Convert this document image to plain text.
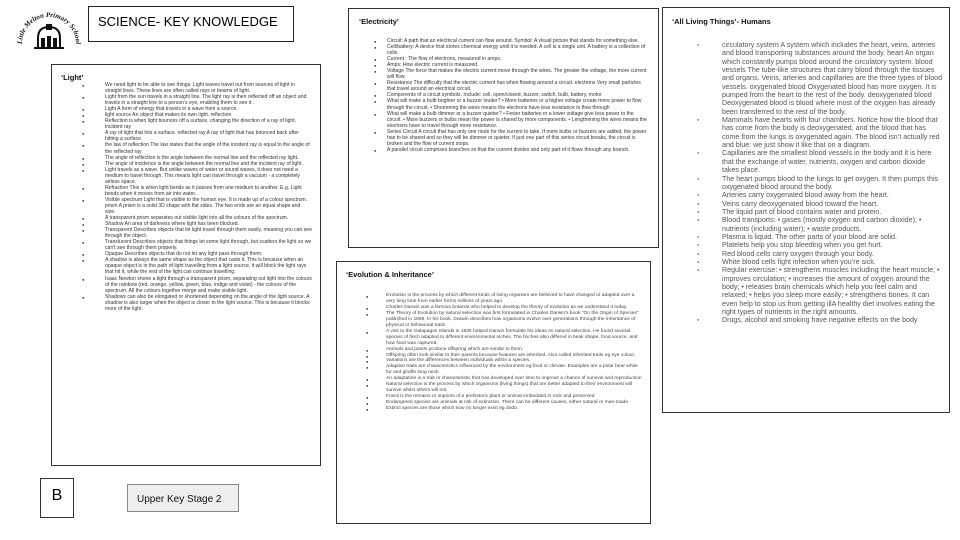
Little Melton Primary School
SCIENCE- KEY KNOWLEDGE
‘Light’
● We need light to be able to see things. Light waves travel out from sources of light in straight lines. These lines are often called rays or beams of light.
● Light from the sun travels in a straight line. The light ray is then reflected off an object and travels in a straight line to a person’s eye, enabling them to see it .
● Light A form of energy that travels in a wave from a source.
● light source An object that makes its own light. reflection
● Reflection is when light bounces off a surface, changing the direction of a ray of light. incident ray
● A ray of light that hits a surface. reflected ray A ray of light that has bounced back after hitting a surface.
● the law of reflection The law states that the angle of the incident ray is equal to the angle of the reflected ray
● The angle of reflection is the angle between the normal line and the reflected ray light.
● The angle of incidence is the angle between the normal line and the incident ray of light.
● Light travels as a wave. But unlike waves of water or sound waves, it does not need a medium to travel through. This means light can travel through a vacuum - a completely airless space.
● Refraction This is when light bends as it passes from one medium to another. E.g. Light bends when it moves from air into water.
● Visible spectrum Light that is visible to the human eye. It is made up of a colour spectrum. prism A prism is a solid 3D shape with flat sides. The two ends are an equal shape and size.
● A transparent prism separates out visible light into all the colours of the spectrum.
● Shadow An area of darkness where light has been blocked.
● Transparent Describes objects that let light travel through them easily, meaning you can see through the object.
● Translucent Describes objects that things let some light through, but scatters the light so we can't see through them properly.
● Opaque Describes objects that do not let any light pass through them.
● A shadow is always the same shape as the object that casts it. This is because when an opaque object is in the path of light travelling from a light source, it will block the light rays that hit it, while the rest of the light can continue travelling.
● Isaac Newton shone a light through a transparent prism, separating out light into the colours of the rainbow (red, orange, yellow, green, blue, indigo and violet) - the colours of the spectrum. All the colours together merge and make visible light.
● Shadows can also be elongated or shortened depending on the angle of the light source. A shadow is also larger when the object is closer to the light source. This is because it blocks more of the light.
B	Upper Key Stage 2
‘Electricity’
● Circuit: A path that an electrical current can flow around. Symbol: A visual picture that stands for something else.
● Cell/battery: A device that stores chemical energy until it is needed. A cell is a single unit. A battery is a collection of cells.
● Current : The flow of electrons, measured in amps.
● Amps: How electric current is measured.
● Voltage The force that makes the electric current move through the wires. The greater the voltage, the more current will flow.
● Resistance The difficulty that the electric current has when flowing around a circuit. electrons Very small particles that travel around an electrical circuit.
● Components of a circuit symbols. Include: cell, open/closed, buzzer, switch, bulb, battery, motor
● What will make a bulb brighter or a buzzer louder? • More batteries or a higher voltage create more power to flow through the circuit. • Shortening the wires means the electrons have less resistance to flow through
● What will make a bulb dimmer or a buzzer quieter? • Fewer batteries or a lower voltage give less power to the circuit. • More buzzers or bulbs mean the power is shared by more components. • Lengthening the wires means the electrons have to travel through more resistance.
● Series Circuit A circuit that has only one route for the current to take. If more bulbs or buzzers are added, the power has to be shared and so they will be dimmer or quieter. If just one part of this series circuit breaks, the circuit is broken and the flow of current stops.
● A parallel circuit comprises branches so that the current divides and only part of it flows through any branch.
‘Evolution & Inheritance’
● Evolution is the process by which different kinds of living organism are believed to have changed or adapted over a very long time from earlier forms millions of years ago.
● Charles Darwin was a famous botanist who helped to develop the theory of evolution as we understand it today.
● The Theory of Evolution by natural selection was first formulated in Charles Darwin's book "On the Origin of Species" published in 1859. In his book, Darwin describes how organisms evolve over generations through the inheritance of physical or behavioral traits
● A visit to the Galapagos Islands in 1835 helped Darwin formulate his ideas on natural selection. He found several species of finch adapted to different environmental niches. The finches also differed in beak shape, food source, and how food was captured.
● Animals and plants produce offspring which are similar to them.
● Offspring often look similar to their parents because features are inherited. Also called inherited traits eg eye colour.
● Variations are the differences between individuals within a species.
● Adaptive traits are characteristics influenced by the environment eg food or climate. Examples are a polar bear white fur and giraffe long neck.
● An adaptation is a trait or characteristic that has developed over time to improve a chance of survival and reproduction
● Natural selection is the process by which organisms (living things) that are better adapted to their environment will survive whilst others will not
● Fossil is the remains or imprints of a prehistoric plant or animal embedded in rock and preserved
● Endangered species are animals at risk of extinction. There can be different causes, either natural or man-made.
● Extinct species are those which now no longer exist eg dodo.
‘All Living Things’- Humans
● circulatory system A system which includes the heart, veins, arteries and blood transporting substances around the body. heart An organ which constantly pumps blood around the circulatory system. blood vessels The tube-like structures that carry blood through the tissues and organs. Veins, arteries and capillaries are the three types of blood vessels. oxygenated blood Oxygenated blood has more oxygen. It is pumped from the heart to the rest of the body. deoxygenated blood Deoxygenated blood is blood where most of the oxygen has already been transferred to the rest of the body.
● Mammals have hearts with four chambers. Notice how the blood that has come from the body is deoxygenated, and the blood that has come from the lungs is oxygenated again. The blood isn’t actually red and blue: we just show it like that on a diagram.
● Capillaries are the smallest blood vessels in the body and it is here that the exchange of water, nutrients, oxygen and carbon dioxide takes place.
● The heart pumps blood to the lungs to get oxygen. It then pumps this oxygenated blood around the body.
● Arteries carry oxygenated blood away from the heart.
● Veins carry deoxygenated blood toward the heart.
● The liquid part of blood contains water and protein.
● Blood transports: • gases (mostly oxygen and carbon dioxide); • nutrients (including water); • waste products.
● Plasma is liquid. The other parts of your blood are solid.
● Platelets help you stop bleeding when you get hurt.
● Red blood cells carry oxygen through your body.
● White blood cells fight infection when you’re sick.
● Regular exercise: • strengthens muscles including the heart muscle; • improves circulation; • increases the amount of oxygen around the body; • releases brain chemicals which help you feel calm and relaxed; • helps you sleep more easily; • strengthens bones. It can even help to stop us from getting illA healthy diet involves eating the right types of nutrients in the right amounts.
● Drugs, alcohol and smoking have negative effects on the body
